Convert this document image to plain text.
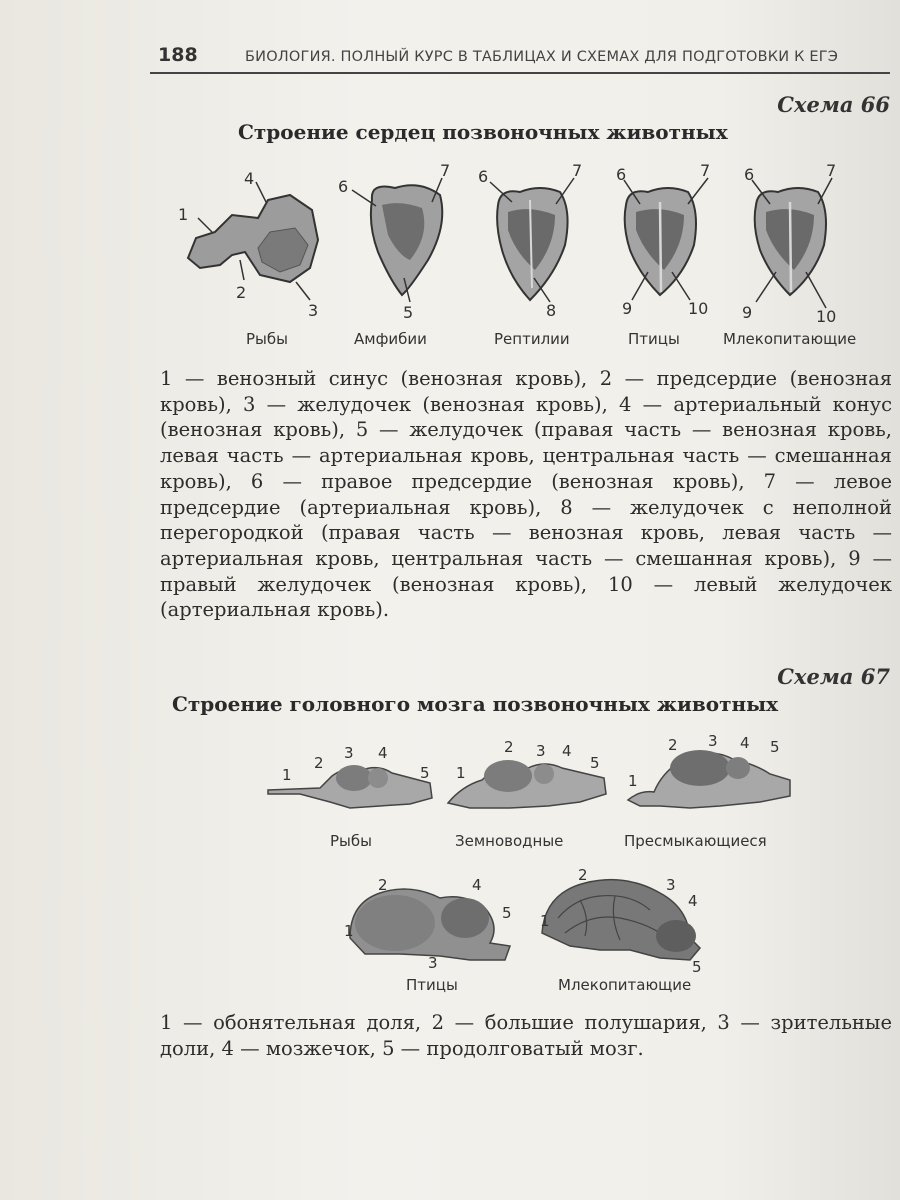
188	БИОЛОГИЯ. ПОЛНЫЙ КУРС В ТАБЛИЦАХ И СХЕМАХ ДЛЯ ПОДГОТОВКИ К ЕГЭ
Схема 66
Строение сердец позвоночных животных
1
4
2
3
6
7
5
6	7
8
6	7
9	10
6	7
9	10
Рыбы	Амфибии	Рептилии	Птицы	Млекопитающие
1 — венозный синус (венозная кровь), 2 — предсердие (венозная кровь), 3 — желудочек (венозная кровь), 4 — артериальный конус (венозная кровь), 5 — желудочек (правая часть — венозная кровь, левая часть — артериальная кровь, центральная часть — смешанная кровь), 6 — правое предсердие (венозная кровь), 7 — левое предсердие (артериальная кровь), 8 — желудочек с неполной перегородкой (правая часть — венозная кровь, левая часть — артериальная кровь, центральная часть — смешанная кровь), 9 — правый желудочек (венозная кровь), 10 — левый желудочек (артериальная кровь).
Схема 67
Строение головного мозга позвоночных животных
1
2
3 4
5 1
2 3 4
5
1
2 3 4 5
1
2
3
4
5 1
2
3
4
5
Рыбы	Земноводные	Пресмыкающиеся
Птицы	Млекопитающие
1 — обонятельная доля, 2 — большие полушария, 3 — зрительные доли, 4 — мозжечок, 5 — продолговатый мозг.
